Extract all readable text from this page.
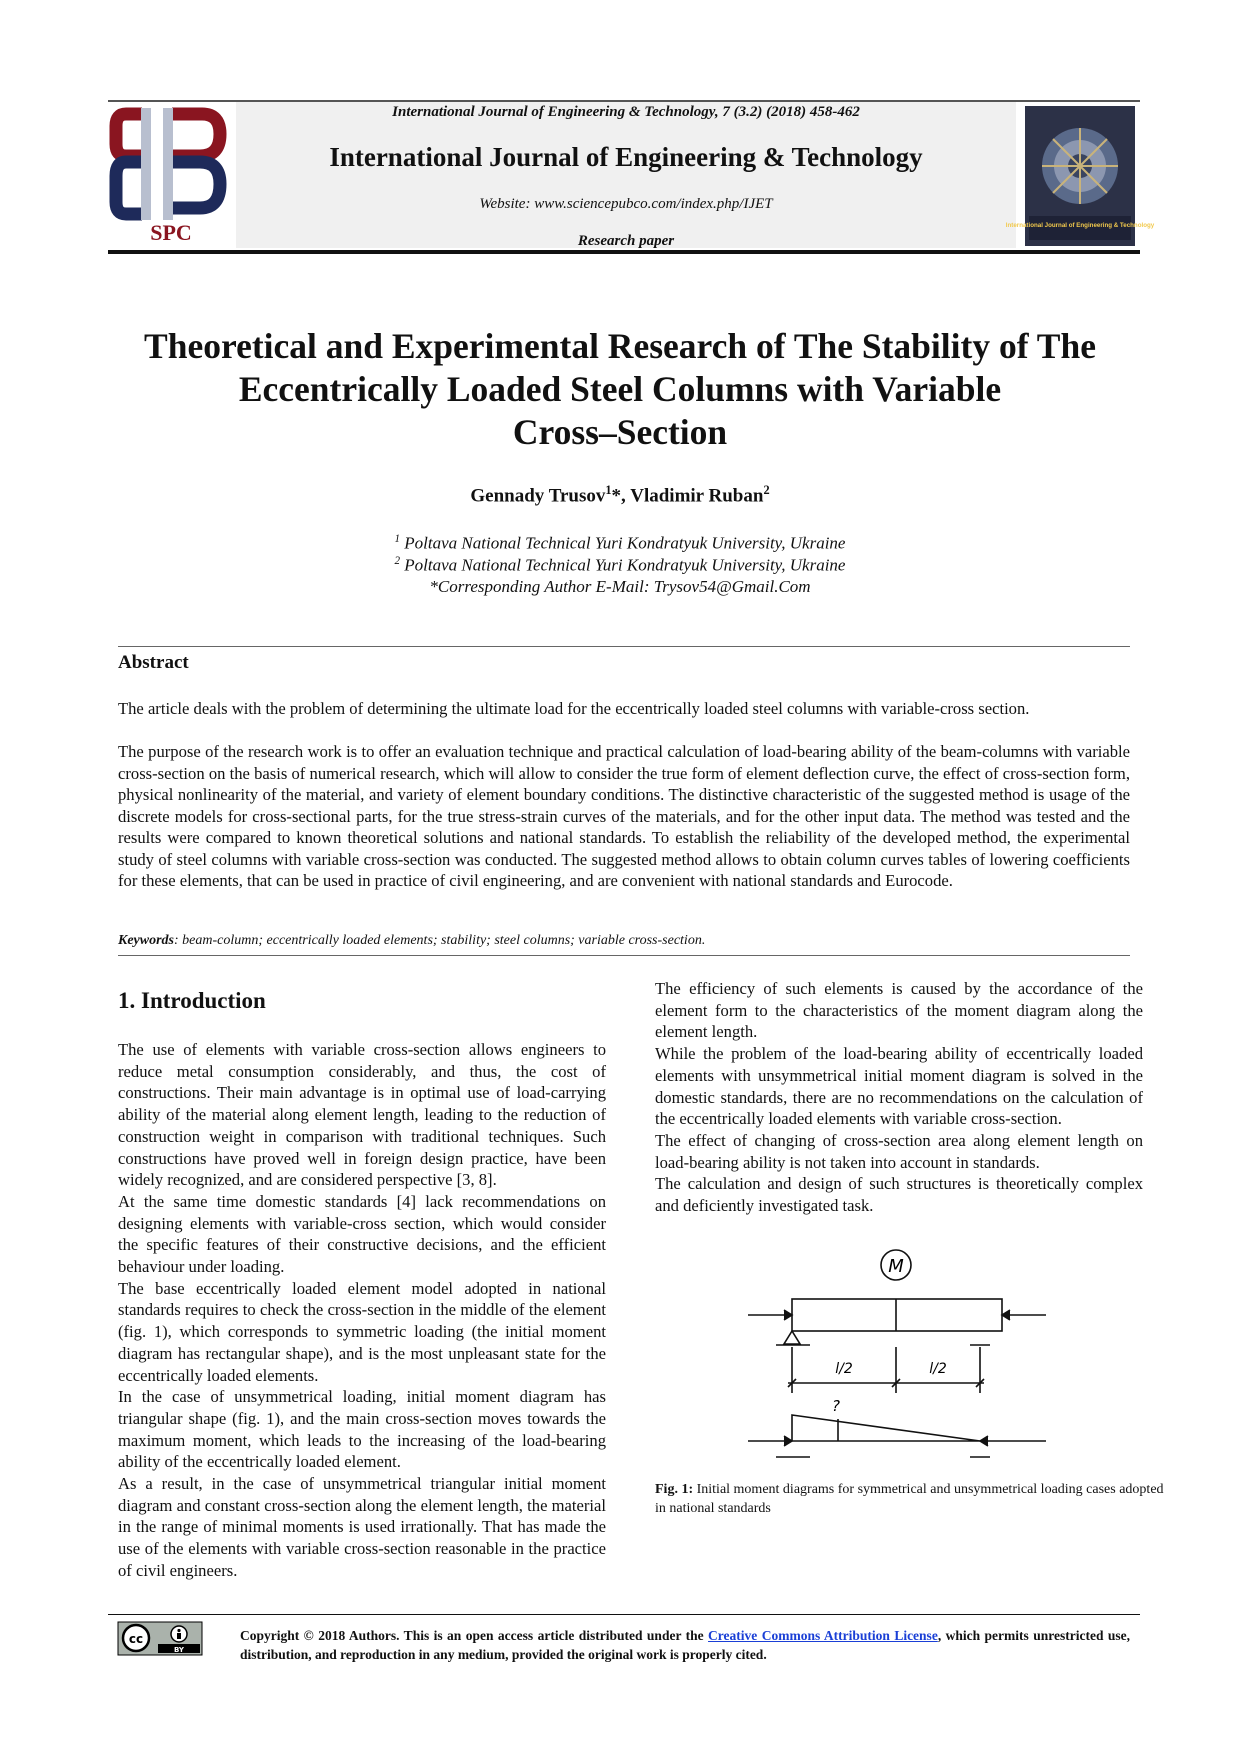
SPC
International Journal of Engineering & Technology, 7 (3.2) (2018) 458-462
International Journal of Engineering & Technology
Website: www.sciencepubco.com/index.php/IJET
Research paper
International Journal of Engineering & Technology
Theoretical and Experimental Research of The Stability of The
Eccentrically Loaded Steel Columns with Variable
Cross–Section
Gennady Trusov$^1$*, Vladimir Ruban$^2$
$^1$ Poltava National Technical Yuri Kondratyuk University, Ukraine
$^2$ Poltava National Technical Yuri Kondratyuk University, Ukraine
*Corresponding Author E-Mail: Trysov54@Gmail.Com
Abstract
The article deals with the problem of determining the ultimate load for the eccentrically loaded steel columns with variable-cross section.
The purpose of the research work is to offer an evaluation technique and practical calculation of load-bearing ability of the beam-columns with variable cross-section on the basis of numerical research, which will allow to consider the true form of element deflection curve, the effect of cross-section form, physical nonlinearity of the material, and variety of element boundary conditions. The distinctive characteristic of the suggested method is usage of the discrete models for cross-sectional parts, for the true stress-strain curves of the materials, and for the other input data. The method was tested and the results were compared to known theoretical solutions and national standards. To establish the reliability of the developed method, the experimental study of steel columns with variable cross-section was conducted. The suggested method allows to obtain column curves tables of lowering coefficients for these elements, that can be used in practice of civil engineering, and are convenient with national standards and Eurocode.
Keywords: beam-column; eccentrically loaded elements; stability; steel columns; variable cross-section.
1. Introduction

The use of elements with variable cross-section allows engineers to reduce metal consumption considerably, and thus, the cost of constructions. Their main advantage is in optimal use of load-carrying ability of the material along element length, leading to the reduction of construction weight in comparison with traditional techniques. Such constructions have proved well in foreign design practice, have been widely recognized, and are considered perspective [3, 8].

At the same time domestic standards [4] lack recommendations on designing elements with variable-cross section, which would consider the specific features of their constructive decisions, and the efficient behaviour under loading.

The base eccentrically loaded element model adopted in national standards requires to check the cross-section in the middle of the element (fig. 1), which corresponds to symmetric loading (the initial moment diagram has rectangular shape), and is the most unpleasant state for the eccentrically loaded elements.

In the case of unsymmetrical loading, initial moment diagram has triangular shape (fig. 1), and the main cross-section moves towards the maximum moment, which leads to the increasing of the load-bearing ability of the eccentrically loaded element.

As a result, in the case of unsymmetrical triangular initial moment diagram and constant cross-section along the element length, the material in the range of minimal moments is used irrationally. That has made the use of the elements with variable cross-section reasonable in the practice of civil engineers.

The efficiency of such elements is caused by the accordance of the element form to the characteristics of the moment diagram along the element length.

While the problem of the load-bearing ability of eccentrically loaded elements with unsymmetrical initial moment diagram is solved in the domestic standards, there are no recommendations on the calculation of the eccentrically loaded elements with variable cross-section.

The effect of changing of cross-section area along element length on load-bearing ability is not taken into account in standards.

The calculation and design of such structures is theoretically complex and deficiently investigated task.

M
l/2	l/2
?
Fig. 1: Initial moment diagrams for symmetrical and unsymmetrical loading cases adopted in national standards
cc
BY
Copyright © 2018 Authors. This is an open access article distributed under the Creative Commons Attribution License, which permits unrestricted use, distribution, and reproduction in any medium, provided the original work is properly cited.
